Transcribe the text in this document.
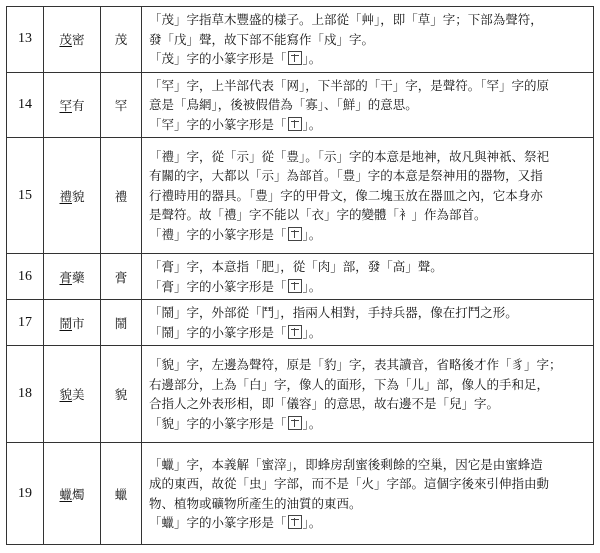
13	茂密	茂	「茂」字指草木豐盛的樣子。上部從「艸」，即「草」字；下部為聲符，
發「戊」聲，故下部不能寫作「戍」字。

「茂」字的小篆字形是「 」。

14	罕有	罕	「罕」字，上半部代表「网」，下半部的「干」字，是聲符。「罕」字的原
意是「鳥網」，後被假借為「寡」、「鮮」的意思。

「罕」字的小篆字形是「 」。

15	禮貌	禮	「禮」字，從「示」從「豊」。「示」字的本意是地神，故凡與神祇、祭祀
有關的字，大都以「示」為部首。「豊」字的本意是祭神用的器物，又指
行禮時用的器具。「豊」字的甲骨文，像二塊玉放在器皿之內，它本身亦
是聲符。故「禮」字不能以「衣」字的變體「衤」作為部首。

「禮」字的小篆字形是「 」。

16	膏藥	膏	「膏」字，本意指「肥」，從「肉」部，發「高」聲。

「膏」字的小篆字形是「 」。

17	鬧市	鬧	「鬧」字，外部從「鬥」，指兩人相對，手持兵器，像在打鬥之形。

「鬧」字的小篆字形是「 」。

18	貌美	貌	「貌」字，左邊為聲符，原是「豹」字，表其讀音，省略後才作「豸」字；
右邊部分，上為「白」字，像人的面形，下為「儿」部，像人的手和足，
合指人之外表形相，即「儀容」的意思，故右邊不是「兒」字。

「貌」字的小篆字形是「 」。

19	蠟燭	蠟	「蠟」字，本義解「蜜滓」，即蜂房刮蜜後剩餘的空巢，因它是由蜜蜂造
成的東西，故從「虫」字部，而不是「火」字部。這個字後來引伸指由動
物、植物或礦物所產生的油質的東西。

「蠟」字的小篆字形是「 」。
